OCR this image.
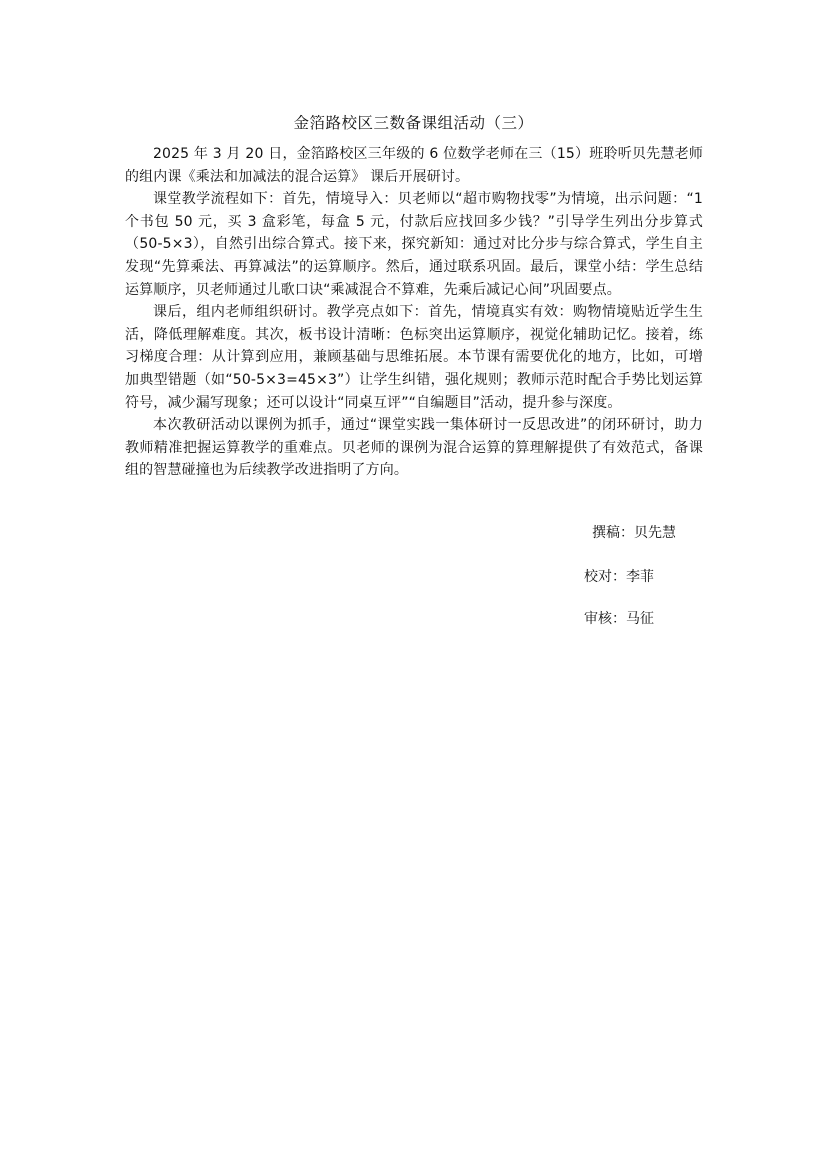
金箔路校区三数备课组活动（三）

2025 年 3 月 20 日，金箔路校区三年级的 6 位数学老师在三（15）班聆听贝先慧老师的组内课《乘法和加减法的混合运算》 课后开展研讨。

课堂教学流程如下：首先，情境导入：贝老师以“超市购物找零”为情境，出示问题：“1 个书包 50 元，买 3 盒彩笔，每盒 5 元，付款后应找回多少钱？”引导学生列出分步算式（50-5×3），自然引出综合算式。接下来，探究新知：通过对比分步与综合算式，学生自主发现“先算乘法、再算减法”的运算顺序。然后，通过联系巩固。最后，课堂小结：学生总结运算顺序，贝老师通过儿歌口诀“乘减混合不算难，先乘后减记心间”巩固要点。

课后，组内老师组织研讨。教学亮点如下：首先，情境真实有效：购物情境贴近学生生活，降低理解难度。其次，板书设计清晰：色标突出运算顺序，视觉化辅助记忆。接着，练习梯度合理：从计算到应用，兼顾基础与思维拓展。本节课有需要优化的地方，比如，可增加典型错题（如“50-5×3=45×3”）让学生纠错，强化规则；教师示范时配合手势比划运算符号，减少漏写现象；还可以设计“同桌互评”“自编题目”活动，提升参与深度。

本次教研活动以课例为抓手，通过“课堂实践一集体研讨一反思改进”的闭环研讨，助力教师精准把握运算教学的重难点。贝老师的课例为混合运算的算理解提供了有效范式，备课组的智慧碰撞也为后续教学改进指明了方向。

撰稿：贝先慧
校对：李菲
审核：马征
